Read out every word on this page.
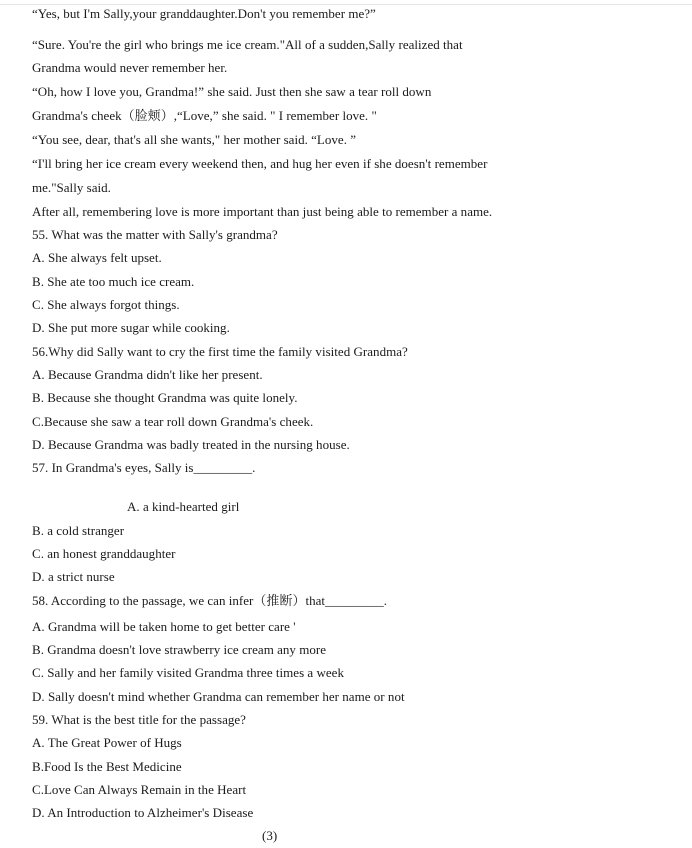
“Yes, but I'm Sally,your granddaughter.Don't you remember me?”
“Sure. You're the girl who brings me ice cream."All of a sudden,Sally realized that
Grandma would never remember her.
“Oh, how I love you, Grandma!” she said. Just then she saw a tear roll down
Grandma's cheek（脸颊）,“Love,” she said. " I remember love. "
“You see, dear, that's all she wants," her mother said. “Love. ”
“I'll bring her ice cream every weekend then, and hug her even if she doesn't remember
me."Sally said.
After all, remembering love is more important than just being able to remember a name.
55. What was the matter with Sally's grandma?
A. She always felt upset.
B. She ate too much ice cream.
C. She always forgot things.
D. She put more sugar while cooking.
56.Why did Sally want to cry the first time the family visited Grandma?
A. Because Grandma didn't like her present.
B. Because she thought Grandma was quite lonely.
C.Because she saw a tear roll down Grandma's cheek.
D. Because Grandma was badly treated in the nursing house.
57. In Grandma's eyes, Sally is_________.
A. a kind-hearted girl
B. a cold stranger
C. an honest granddaughter
D. a strict nurse
58. According to the passage, we can infer（推断）that_________.
A. Grandma will be taken home to get better care '
B. Grandma doesn't love strawberry ice cream any more
C. Sally and her family visited Grandma three times a week
D. Sally doesn't mind whether Grandma can remember her name or not
59. What is the best title for the passage?
A. The Great Power of Hugs
B.Food Is the Best Medicine
C.Love Can Always Remain in the Heart
D. An Introduction to Alzheimer's Disease
(3)
